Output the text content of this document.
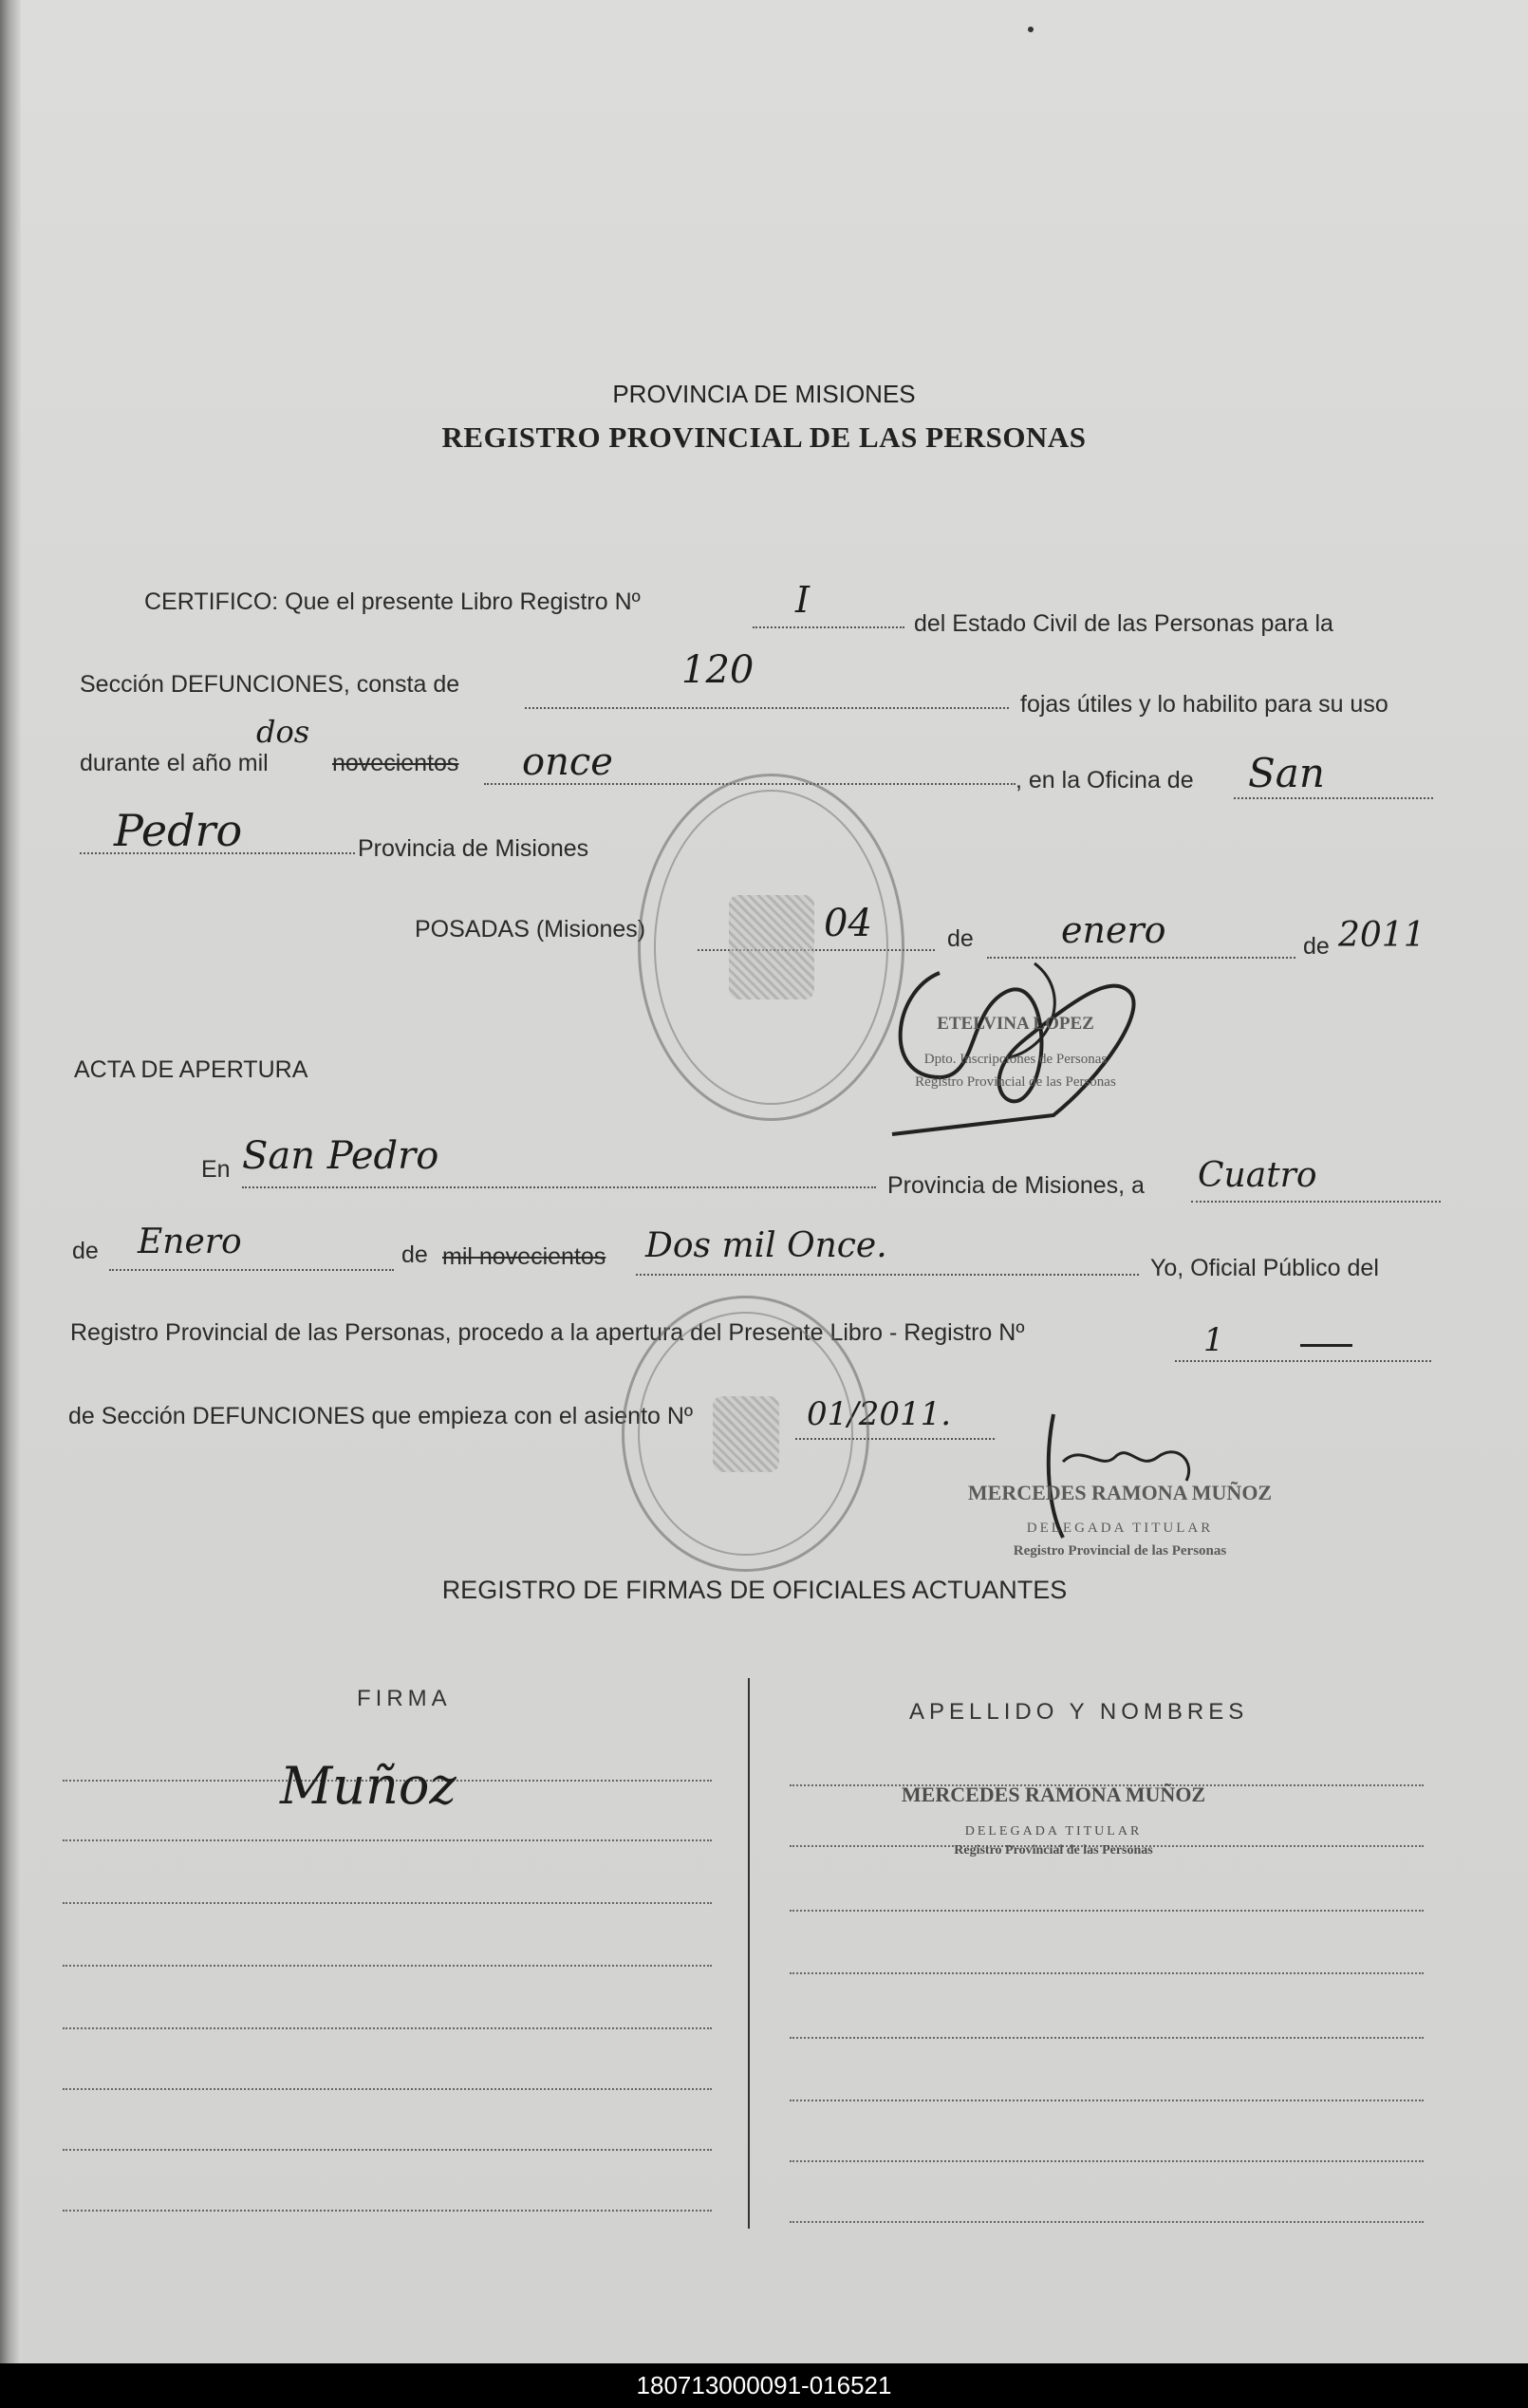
PROVINCIA DE MISIONES
REGISTRO PROVINCIAL DE LAS PERSONAS
CERTIFICO: Que el presente Libro Registro Nº	I
del Estado Civil de las Personas para la
Sección DEFUNCIONES, consta de	120
fojas útiles y lo habilito para su uso
durante el año mil
dos
novecientos once	, en la Oficina de San
Pedro	Provincia de Misiones
POSADAS (Misiones)	04	de enero	de 2011
ETELVINA LOPEZ
Dpto. Inscripciones de Personas
Registro Provincial de las Personas
ACTA DE APERTURA
En San Pedro
Provincia de Misiones, a Cuatro
de Enero	de mil novecientos Dos mil Once.
Yo, Oficial Público del
Registro Provincial de las Personas, procedo a la apertura del Presente Libro - Registro Nº	1
de Sección DEFUNCIONES que empieza con el asiento Nº	01/2011.
MERCEDES RAMONA MUÑOZ
DELEGADA TITULAR
Registro Provincial de las Personas
REGISTRO DE FIRMAS DE OFICIALES ACTUANTES
FIRMA
APELLIDO Y NOMBRES
Muñoz	MERCEDES RAMONA MUÑOZ
DELEGADA TITULAR
Registro Provincial de las Personas
180713000091-016521
